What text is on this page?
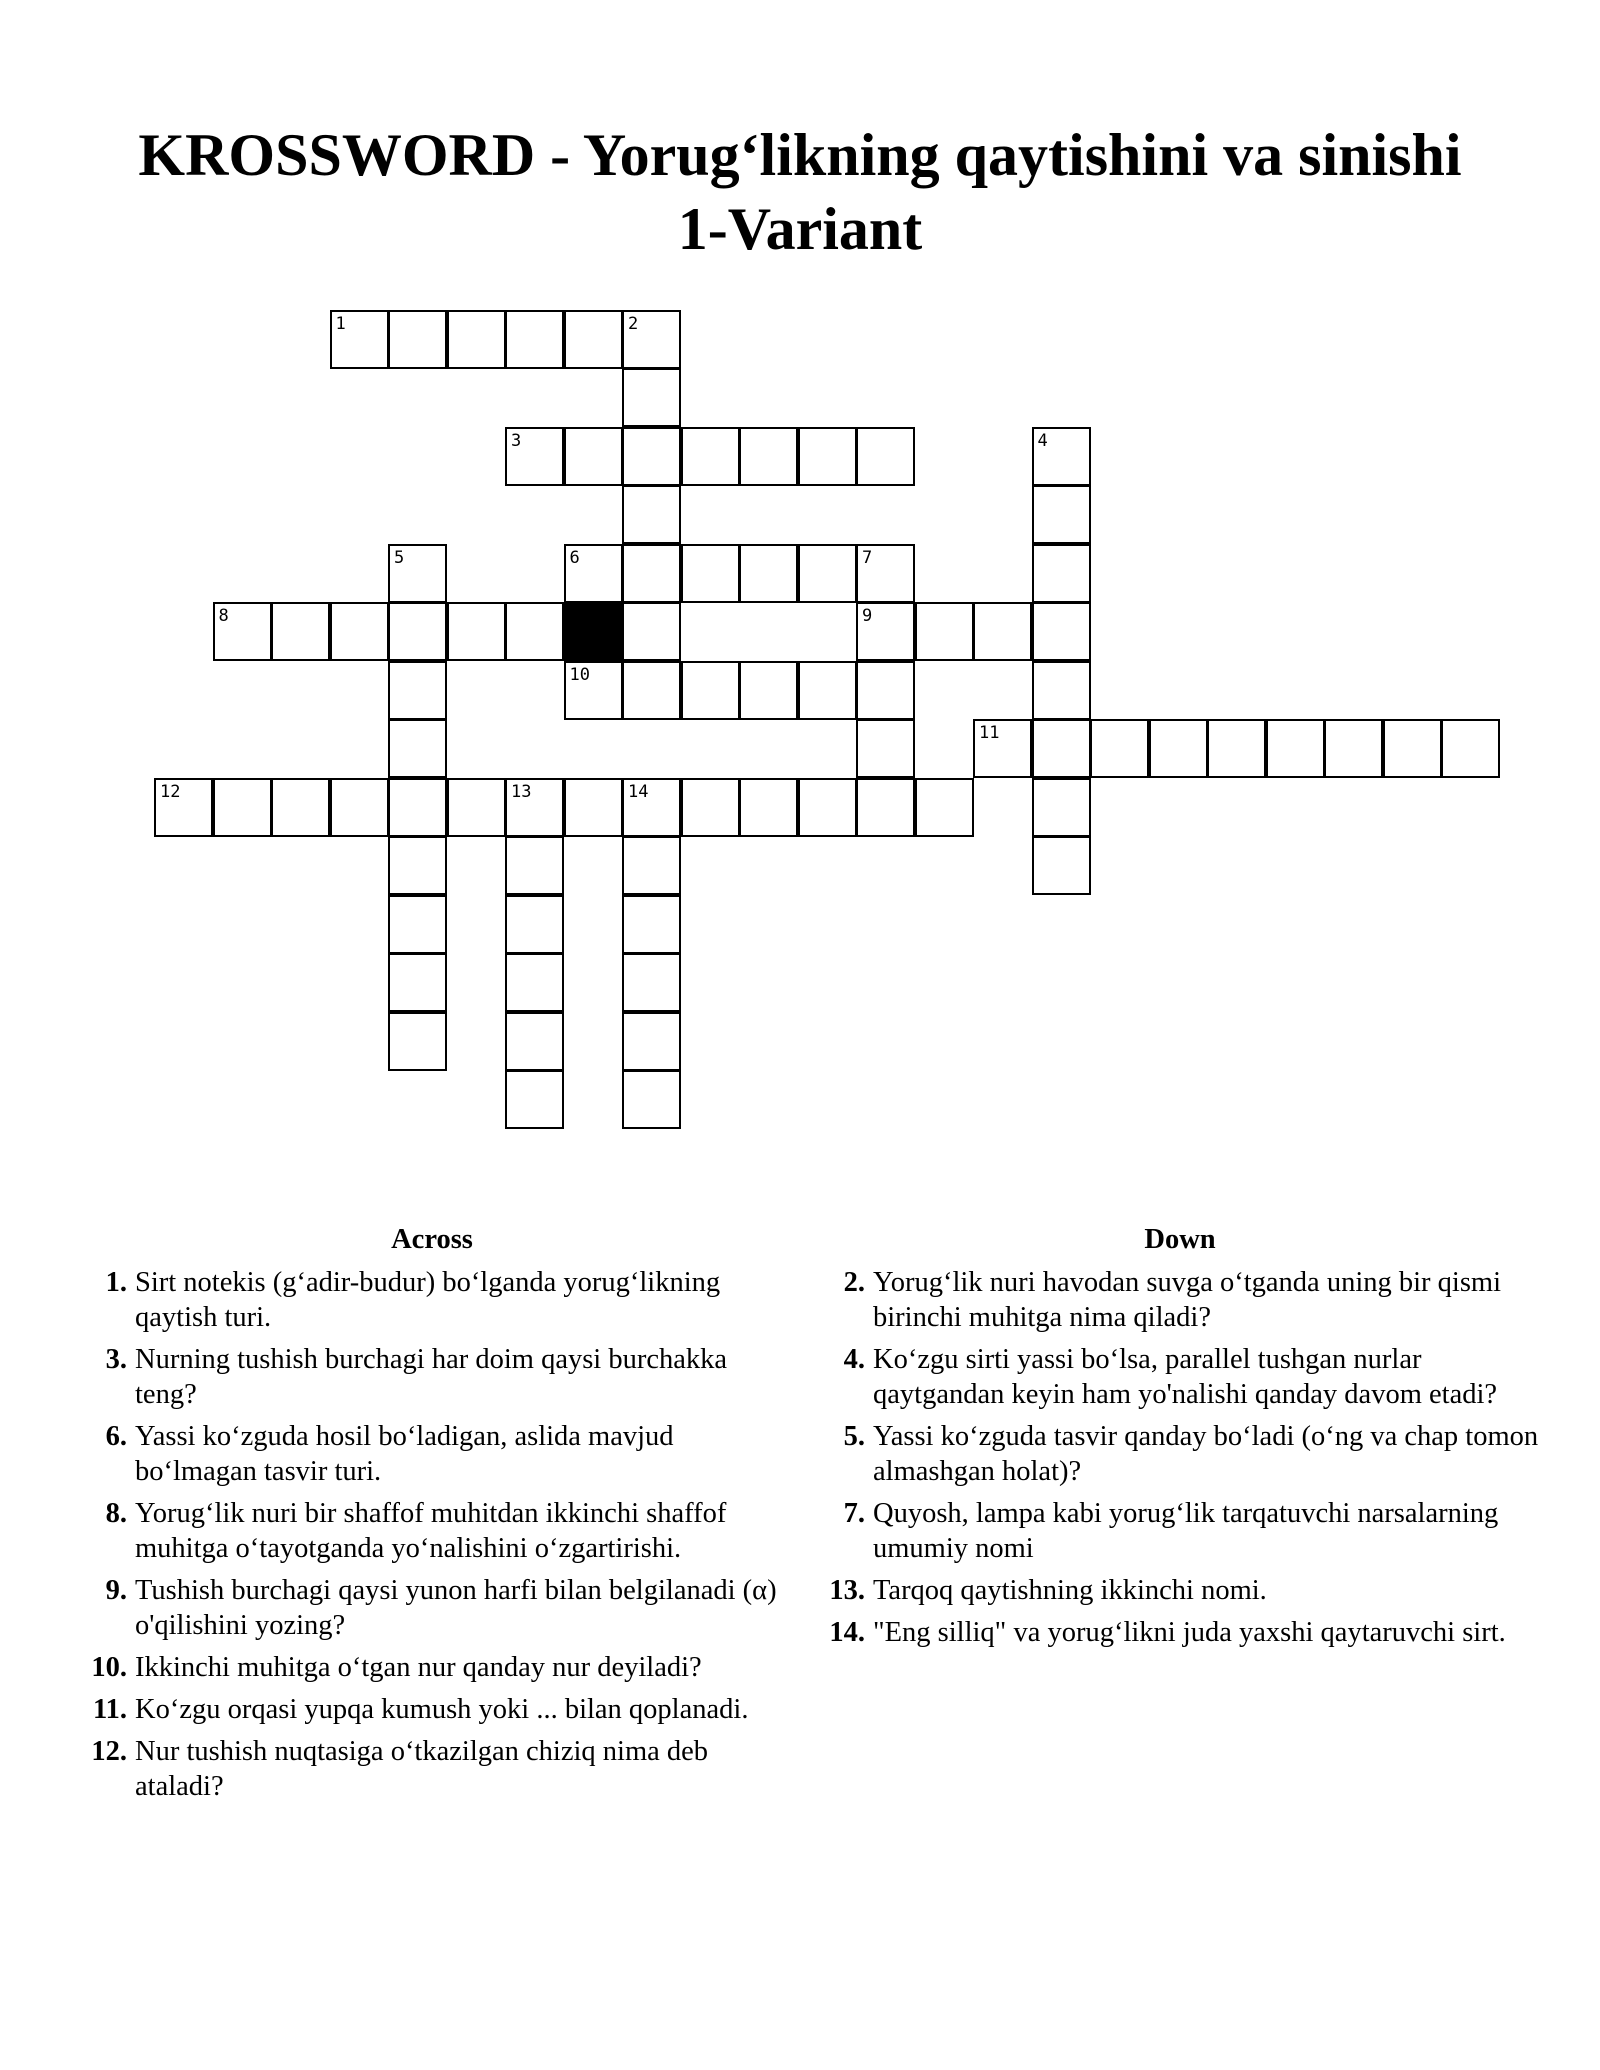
KROSSWORD - Yorugʻlikning qaytishini va sinishi
1-Variant
1	2
3	4
5	6	7
8	9
10
11
12	13	14
Across
1. Sirt notekis (gʻadir-budur) boʻlganda yorugʻlikning qaytish turi.
3. Nurning tushish burchagi har doim qaysi burchakka teng?
6. Yassi koʻzguda hosil boʻladigan, aslida mavjud boʻlmagan tasvir turi.
8. Yorugʻlik nuri bir shaffof muhitdan ikkinchi shaffof muhitga oʻtayotganda yoʻnalishini oʻzgartirishi.
9. Tushish burchagi qaysi yunon harfi bilan belgilanadi (α) o'qilishini yozing?
10. Ikkinchi muhitga oʻtgan nur qanday nur deyiladi?
11. Koʻzgu orqasi yupqa kumush yoki ... bilan qoplanadi.
12. Nur tushish nuqtasiga oʻtkazilgan chiziq nima deb ataladi?
Down
2. Yorugʻlik nuri havodan suvga oʻtganda uning bir qismi birinchi muhitga nima qiladi?
4. Koʻzgu sirti yassi boʻlsa, parallel tushgan nurlar qaytgandan keyin ham yo'nalishi qanday davom etadi?
5. Yassi koʻzguda tasvir qanday boʻladi (oʻng va chap tomon almashgan holat)?
7. Quyosh, lampa kabi yorugʻlik tarqatuvchi narsalarning umumiy nomi
13. Tarqoq qaytishning ikkinchi nomi.
14. "Eng silliq" va yorugʻlikni juda yaxshi qaytaruvchi sirt.
